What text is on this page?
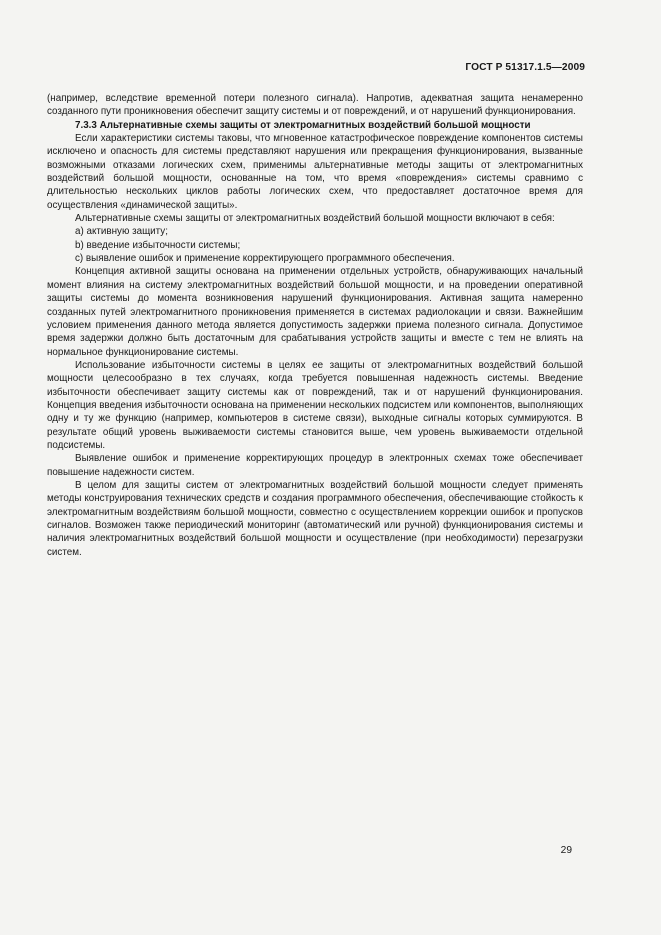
ГОСТ Р 51317.1.5—2009

(например, вследствие временной потери полезного сигнала). Напротив, адекватная защита ненамеренно созданного пути проникновения обеспечит защиту системы и от повреждений, и от нарушений функционирования.

7.3.3 Альтернативные схемы защиты от электромагнитных воздействий большой мощности

Если характеристики системы таковы, что мгновенное катастрофическое повреждение компонентов системы исключено и опасность для системы представляют нарушения или прекращения функционирования, вызванные возможными отказами логических схем, применимы альтернативные методы защиты от электромагнитных воздействий большой мощности, основанные на том, что время «повреждения» системы сравнимо с длительностью нескольких циклов работы логических схем, что предоставляет достаточное время для осуществления «динамической защиты».

Альтернативные схемы защиты от электромагнитных воздействий большой мощности включают в себя:

a) активную защиту;

b) введение избыточности системы;

c) выявление ошибок и применение корректирующего программного обеспечения.

Концепция активной защиты основана на применении отдельных устройств, обнаруживающих начальный момент влияния на систему электромагнитных воздействий большой мощности, и на проведении оперативной защиты системы до момента возникновения нарушений функционирования. Активная защита намеренно созданных путей электромагнитного проникновения применяется в системах радиолокации и связи. Важнейшим условием применения данного метода является допустимость задержки приема полезного сигнала. Допустимое время задержки должно быть достаточным для срабатывания устройств защиты и вместе с тем не влиять на нормальное функционирование системы.

Использование избыточности системы в целях ее защиты от электромагнитных воздействий большой мощности целесообразно в тех случаях, когда требуется повышенная надежность системы. Введение избыточности обеспечивает защиту системы как от повреждений, так и от нарушений функционирования. Концепция введения избыточности основана на применении нескольких подсистем или компонентов, выполняющих одну и ту же функцию (например, компьютеров в системе связи), выходные сигналы которых суммируются. В результате общий уровень выживаемости системы становится выше, чем уровень выживаемости отдельной подсистемы.

Выявление ошибок и применение корректирующих процедур в электронных схемах тоже обеспечивает повышение надежности систем.

В целом для защиты систем от электромагнитных воздействий большой мощности следует применять методы конструирования технических средств и создания программного обеспечения, обеспечивающие стойкость к электромагнитным воздействиям большой мощности, совместно с осуществлением коррекции ошибок и пропусков сигналов. Возможен также периодический мониторинг (автоматический или ручной) функционирования системы и наличия электромагнитных воздействий большой мощности и осуществление (при необходимости) перезагрузки систем.

29
